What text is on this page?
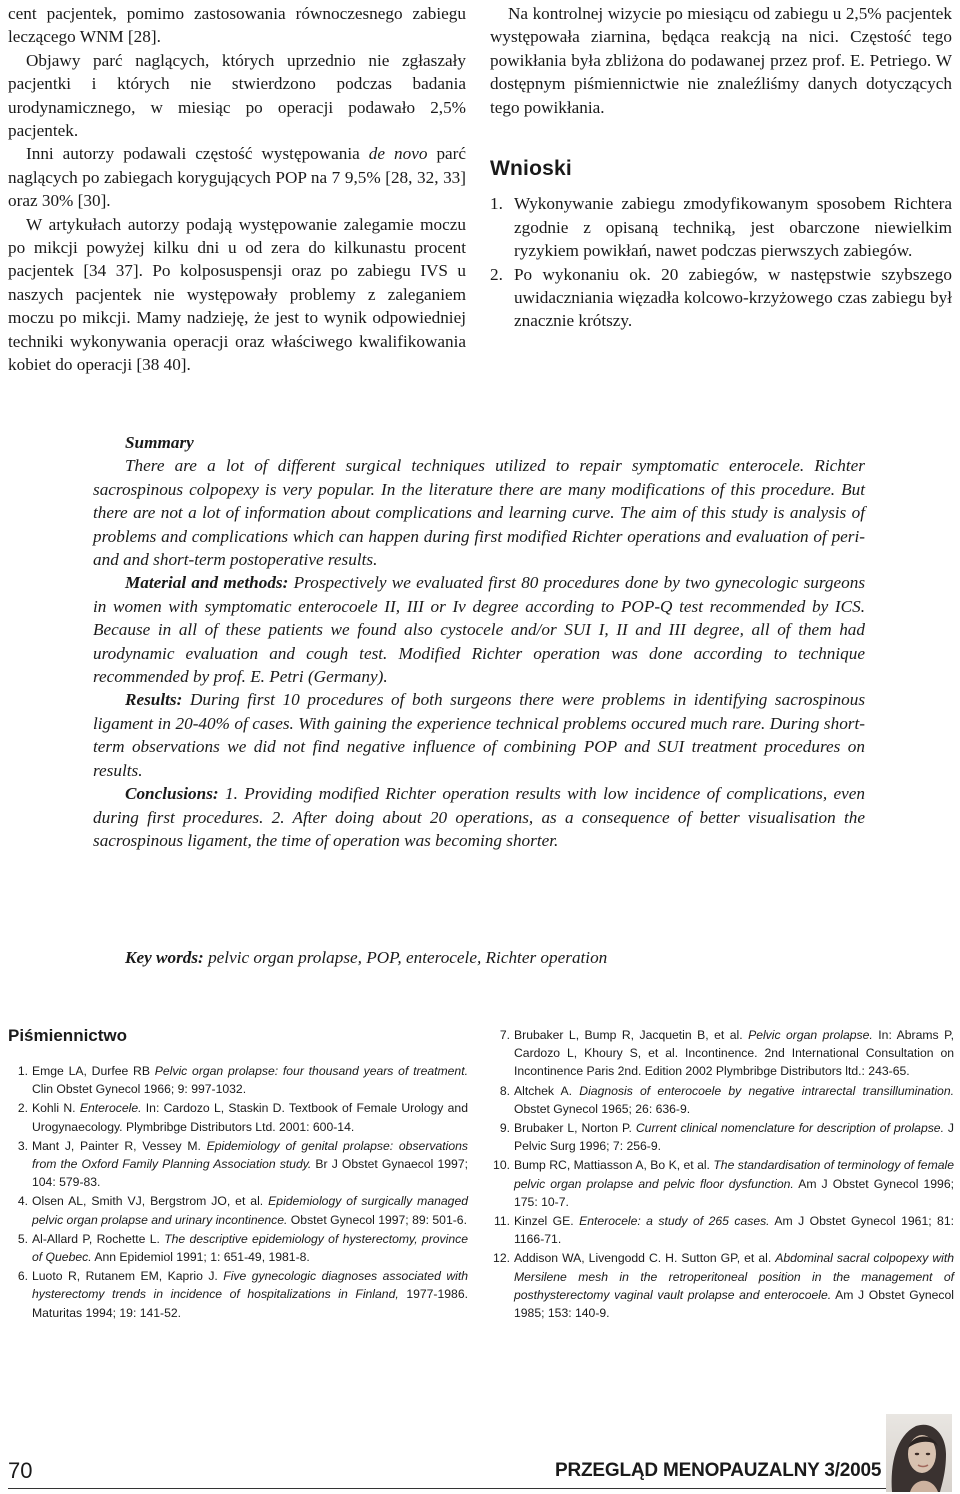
cent pacjentek, pomimo zastosowania równoczesnego zabiegu leczącego WNM [28].

Objawy parć naglących, których uprzednio nie zgłaszały pacjentki i których nie stwierdzono podczas badania urodynamicznego, w miesiąc po operacji podawało 2,5% pacjentek.

Inni autorzy podawali częstość występowania de novo parć naglących po zabiegach korygujących POP na 7 9,5% [28, 32, 33] oraz 30% [30].

W artykułach autorzy podają występowanie zalegamie moczu po mikcji powyżej kilku dni u od zera do kilkunastu procent pacjentek [34 37]. Po kolposuspensji oraz po zabiegu IVS u naszych pacjentek nie występowały problemy z zaleganiem moczu po mikcji. Mamy nadzieję, że jest to wynik odpowiedniej techniki wykonywania operacji oraz właściwego kwalifikowania kobiet do operacji [38 40].

Na kontrolnej wizycie po miesiącu od zabiegu u 2,5% pacjentek występowała ziarnina, będąca reakcją na nici. Częstość tego powikłania była zbliżona do podawanej przez prof. E. Petriego. W dostępnym piśmiennictwie nie znaleźliśmy danych dotyczących tego powikłania.

Wnioski
1. Wykonywanie zabiegu zmodyfikowanym sposobem Richtera zgodnie z opisaną techniką, jest obarczone niewielkim ryzykiem powikłań, nawet podczas pierwszych zabiegów.
2. Po wykonaniu ok. 20 zabiegów, w następstwie szybszego uwidaczniania więzadła kolcowo-krzyżowego czas zabiegu był znacznie krótszy.
Summary

There are a lot of different surgical techniques utilized to repair symptomatic enterocele. Richter sacrospinous colpopexy is very popular. In the literature there are many modifications of this procedure. But there are not a lot of information about complications and learning curve. The aim of this study is analysis of problems and complications which can happen during first modified Richter operations and evaluation of peri- and and short-term postoperative results.

Material and methods: Prospectively we evaluated first 80 procedures done by two gynecologic surgeons in women with symptomatic enterocoele II, III or Iv degree according to POP-Q test recommended by ICS. Because in all of these patients we found also cystocele and/or SUI I, II and III degree, all of them had urodynamic evaluation and cough test. Modified Richter operation was done according to technique recommended by prof. E. Petri (Germany).

Results: During first 10 procedures of both surgeons there were problems in identifying sacrospinous ligament in 20-40% of cases. With gaining the experience technical problems occured much rare. During short-term observations we did not find negative influence of combining POP and SUI treatment procedures on results.

Conclusions: 1. Providing modified Richter operation results with low incidence of complications, even during first procedures. 2. After doing about 20 operations, as a consequence of better visualisation the sacrospinous ligament, the time of operation was becoming shorter.

Key words: pelvic organ prolapse, POP, enterocele, Richter operation
Piśmiennictwo
1. Emge LA, Durfee RB Pelvic organ prolapse: four thousand years of treatment. Clin Obstet Gynecol 1966; 9: 997-1032.
2. Kohli N. Enterocele. In: Cardozo L, Staskin D. Textbook of Female Urology and Urogynaecology. Plymbribge Distributors Ltd. 2001: 600-14.
3. Mant J, Painter R, Vessey M. Epidemiology of genital prolapse: observations from the Oxford Family Planning Association study. Br J Obstet Gynaecol 1997; 104: 579-83.
4. Olsen AL, Smith VJ, Bergstrom JO, et al. Epidemiology of surgically managed pelvic organ prolapse and urinary incontinence. Obstet Gynecol 1997; 89: 501-6.
5. Al-Allard P, Rochette L. The descriptive epidemiology of hysterectomy, province of Quebec. Ann Epidemiol 1991; 1: 651-49, 1981-8.
6. Luoto R, Rutanem EM, Kaprio J. Five gynecologic diagnoses associated with hysterectomy trends in incidence of hospitalizations in Finland, 1977-1986. Maturitas 1994; 19: 141-52.
7. Brubaker L, Bump R, Jacquetin B, et al. Pelvic organ prolapse. In: Abrams P, Cardozo L, Khoury S, et al. Incontinence. 2nd International Consultation on Incontinence Paris 2nd. Edition 2002 Plymbribge Distributors ltd.: 243-65.
8. Altchek A. Diagnosis of enterocoele by negative intrarectal transillumination. Obstet Gynecol 1965; 26: 636-9.
9. Brubaker L, Norton P. Current clinical nomenclature for description of prolapse. J Pelvic Surg 1996; 7: 256-9.
10. Bump RC, Mattiasson A, Bo K, et al. The standardisation of terminology of female pelvic organ prolapse and pelvic floor dysfunction. Am J Obstet Gynecol 1996; 175: 10-7.
11. Kinzel GE. Enterocele: a study of 265 cases. Am J Obstet Gynecol 1961; 81: 1166-71.
12. Addison WA, Livengodd C. H. Sutton GP, et al. Abdominal sacral colpopexy with Mersilene mesh in the retroperitoneal position in the management of posthysterectomy vaginal vault prolapse and enterocoele. Am J Obstet Gynecol 1985; 153: 140-9.
70	PRZEGLĄD MENOPAUZALNY 3/2005
